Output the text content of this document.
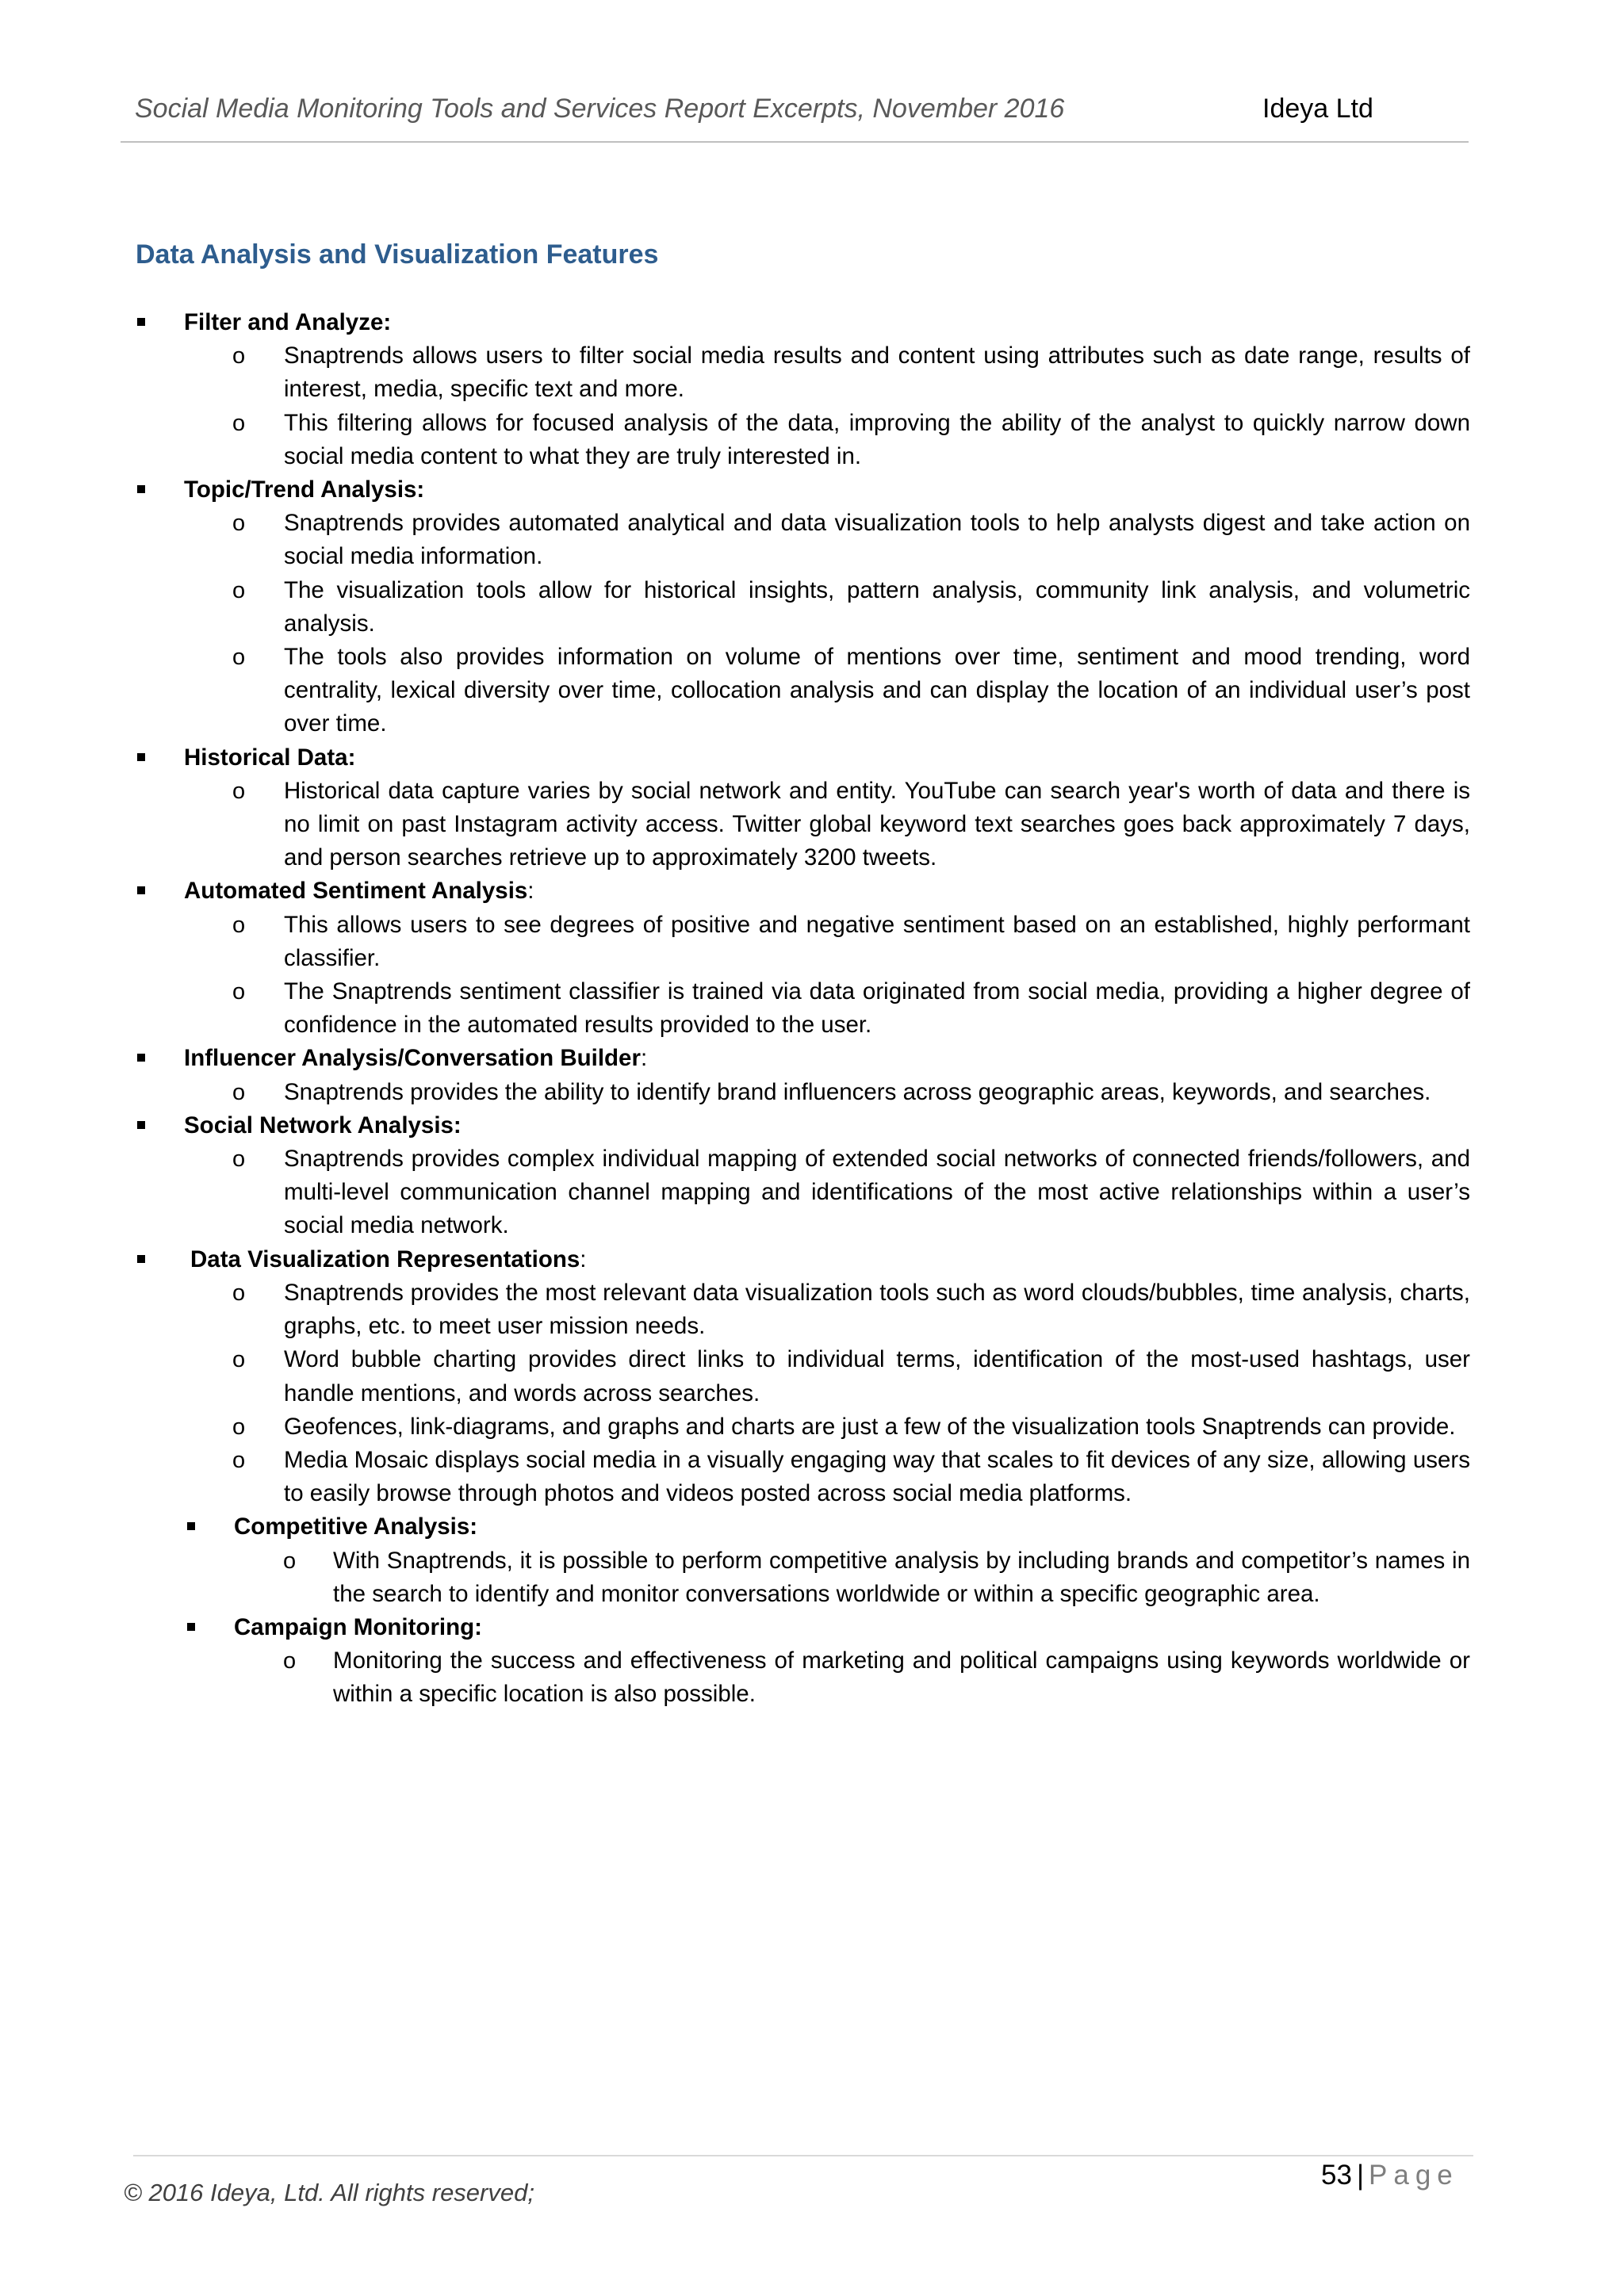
Social Media Monitoring Tools and Services Report Excerpts, November 2016	Ideya Ltd
Data Analysis and Visualization Features
Filter and Analyze:
o Snaptrends allows users to filter social media results and content using attributes such as date range, results of interest, media, specific text and more.
o This filtering allows for focused analysis of the data, improving the ability of the analyst to quickly narrow down social media content to what they are truly interested in.
Topic/Trend Analysis:
o Snaptrends provides automated analytical and data visualization tools to help analysts digest and take action on social media information.
o The visualization tools allow for historical insights, pattern analysis, community link analysis, and volumetric analysis.
o The tools also provides information on volume of mentions over time, sentiment and mood trending, word centrality, lexical diversity over time, collocation analysis and can display the location of an individual user’s post over time.
Historical Data:
o Historical data capture varies by social network and entity. YouTube can search year's worth of data and there is no limit on past Instagram activity access. Twitter global keyword text searches goes back approximately 7 days, and person searches retrieve up to approximately 3200 tweets.
Automated Sentiment Analysis:
o This allows users to see degrees of positive and negative sentiment based on an established, highly performant classifier.
o The Snaptrends sentiment classifier is trained via data originated from social media, providing a higher degree of confidence in the automated results provided to the user.
Influencer Analysis/Conversation Builder:
o Snaptrends provides the ability to identify brand influencers across geographic areas, keywords, and searches.
Social Network Analysis:
o Snaptrends provides complex individual mapping of extended social networks of connected friends/followers, and multi-level communication channel mapping and identifications of the most active relationships within a user’s social media network.
Data Visualization Representations:
o Snaptrends provides the most relevant data visualization tools such as word clouds/bubbles, time analysis, charts, graphs, etc. to meet user mission needs.
o Word bubble charting provides direct links to individual terms, identification of the most-used hashtags, user handle mentions, and words across searches.
o Geofences, link-diagrams, and graphs and charts are just a few of the visualization tools Snaptrends can provide.
o Media Mosaic displays social media in a visually engaging way that scales to fit devices of any size, allowing users to easily browse through photos and videos posted across social media platforms.
Competitive Analysis:
o With Snaptrends, it is possible to perform competitive analysis by including brands and competitor’s names in the search to identify and monitor conversations worldwide or within a specific geographic area.
Campaign Monitoring:
o Monitoring the success and effectiveness of marketing and political campaigns using keywords worldwide or within a specific location is also possible.
© 2016 Ideya, Ltd. All rights reserved;
53 | Page
